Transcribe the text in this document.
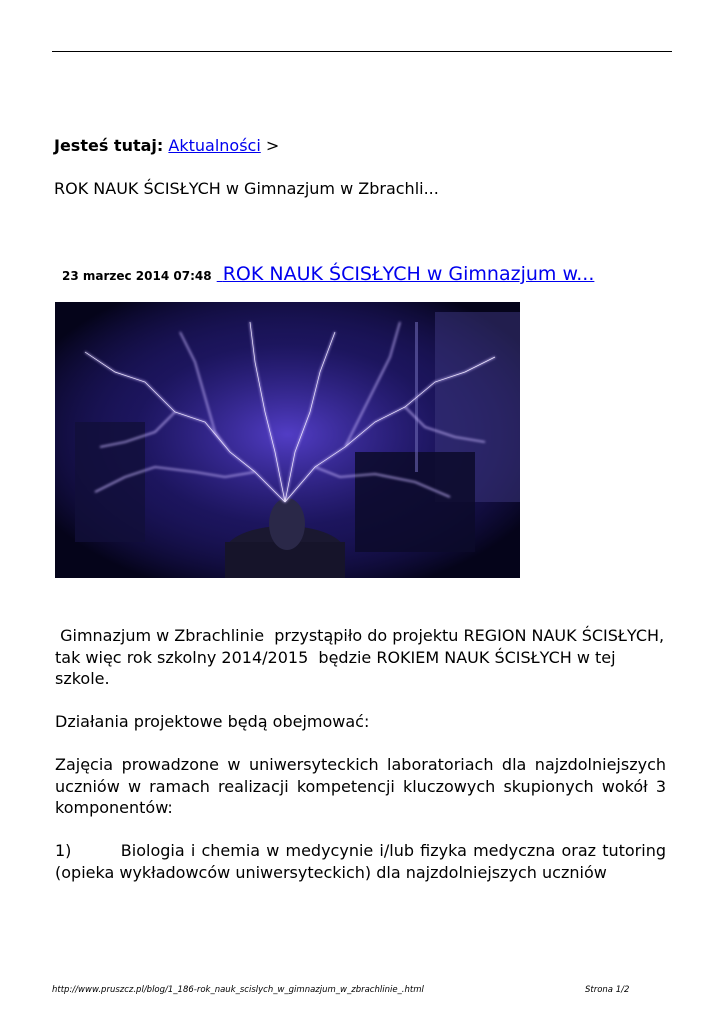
Jesteś tutaj: Aktualności >
ROK NAUK ŚCISŁYCH w Gimnazjum w Zbrachli...
23 marzec 2014 07:48 ROK NAUK ŚCISŁYCH w Gimnazjum w...

Gimnazjum w Zbrachlinie  przystąpiło do projektu REGION NAUK ŚCISŁYCH, tak więc rok szkolny 2014/2015  będzie ROKIEM NAUK ŚCISŁYCH w tej szkole.

Działania projektowe będą obejmować:

Zajęcia prowadzone w uniwersyteckich laboratoriach dla najzdolniejszych uczniów w ramach realizacji kompetencji kluczowych skupionych wokół 3 komponentów:

1)        Biologia i chemia w medycynie i/lub fizyka medyczna oraz tutoring (opieka wykładowców uniwersyteckich) dla najzdolniejszych uczniów

http://www.pruszcz.pl/blog/1_186-rok_nauk_scislych_w_gimnazjum_w_zbrachlinie_.html	Strona 1/2
